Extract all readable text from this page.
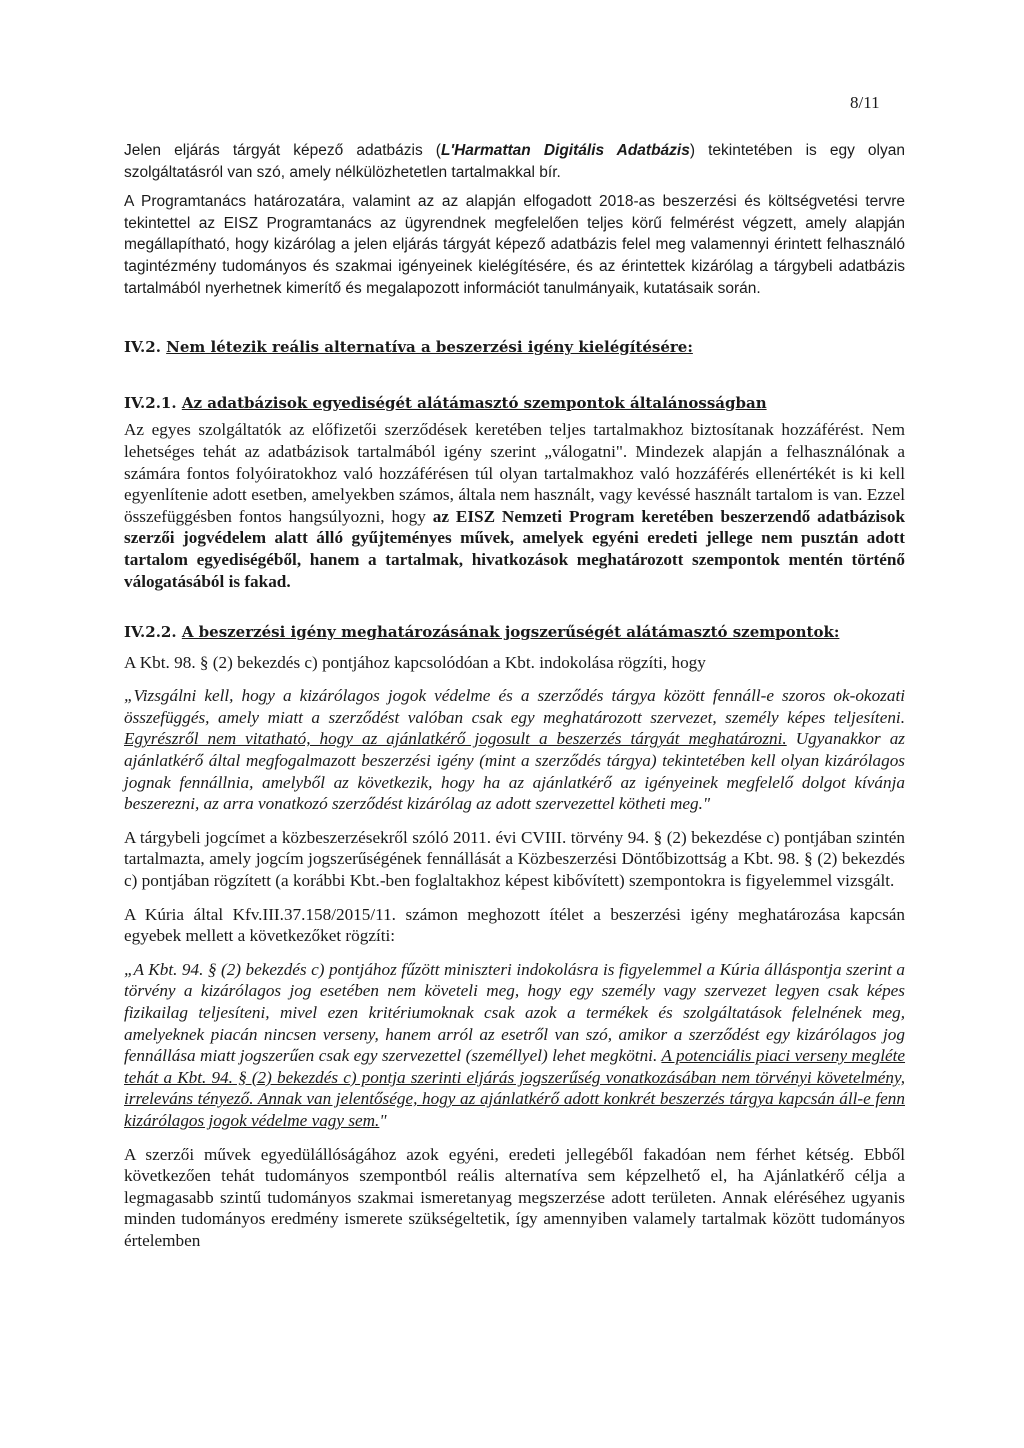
8/11

Jelen eljárás tárgyát képező adatbázis (L'Harmattan Digitális Adatbázis) tekintetében is egy olyan szolgáltatásról van szó, amely nélkülözhetetlen tartalmakkal bír.

A Programtanács határozatára, valamint az az alapján elfogadott 2018-as beszerzési és költségvetési tervre tekintettel az EISZ Programtanács az ügyrendnek megfelelően teljes körű felmérést végzett, amely alapján megállapítható, hogy kizárólag a jelen eljárás tárgyát képező adatbázis felel meg valamennyi érintett felhasználó tagintézmény tudományos és szakmai igényeinek kielégítésére, és az érintettek kizárólag a tárgybeli adatbázis tartalmából nyerhetnek kimerítő és megalapozott információt tanulmányaik, kutatásaik során.

IV.2. Nem létezik reális alternatíva a beszerzési igény kielégítésére:

IV.2.1. Az adatbázisok egyediségét alátámasztó szempontok általánosságban

Az egyes szolgáltatók az előfizetői szerződések keretében teljes tartalmakhoz biztosítanak hozzáférést. Nem lehetséges tehát az adatbázisok tartalmából igény szerint „válogatni". Mindezek alapján a felhasználónak a számára fontos folyóiratokhoz való hozzáférésen túl olyan tartalmakhoz való hozzáférés ellenértékét is ki kell egyenlítenie adott esetben, amelyekben számos, általa nem használt, vagy kevéssé használt tartalom is van. Ezzel összefüggésben fontos hangsúlyozni, hogy az EISZ Nemzeti Program keretében beszerzendő adatbázisok szerzői jogvédelem alatt álló gyűjteményes művek, amelyek egyéni eredeti jellege nem pusztán adott tartalom egyediségéből, hanem a tartalmak, hivatkozások meghatározott szempontok mentén történő válogatásából is fakad.

IV.2.2. A beszerzési igény meghatározásának jogszerűségét alátámasztó szempontok:

A Kbt. 98. § (2) bekezdés c) pontjához kapcsolódóan a Kbt. indokolása rögzíti, hogy

„Vizsgálni kell, hogy a kizárólagos jogok védelme és a szerződés tárgya között fennáll-e szoros ok-okozati összefüggés, amely miatt a szerződést valóban csak egy meghatározott szervezet, személy képes teljesíteni. Egyrészről nem vitatható, hogy az ajánlatkérő jogosult a beszerzés tárgyát meghatározni. Ugyanakkor az ajánlatkérő által megfogalmazott beszerzési igény (mint a szerződés tárgya) tekintetében kell olyan kizárólagos jognak fennállnia, amelyből az következik, hogy ha az ajánlatkérő az igényeinek megfelelő dolgot kívánja beszerezni, az arra vonatkozó szerződést kizárólag az adott szervezettel kötheti meg."

A tárgybeli jogcímet a közbeszerzésekről szóló 2011. évi CVIII. törvény 94. § (2) bekezdése c) pontjában szintén tartalmazta, amely jogcím jogszerűségének fennállását a Közbeszerzési Döntőbizottság a Kbt. 98. § (2) bekezdés c) pontjában rögzített (a korábbi Kbt.-ben foglaltakhoz képest kibővített) szempontokra is figyelemmel vizsgált.

A Kúria által Kfv.III.37.158/2015/11. számon meghozott ítélet a beszerzési igény meghatározása kapcsán egyebek mellett a következőket rögzíti:

„A Kbt. 94. § (2) bekezdés c) pontjához fűzött miniszteri indokolásra is figyelemmel a Kúria álláspontja szerint a törvény a kizárólagos jog esetében nem követeli meg, hogy egy személy vagy szervezet legyen csak képes fizikailag teljesíteni, mivel ezen kritériumoknak csak azok a termékek és szolgáltatások felelnének meg, amelyeknek piacán nincsen verseny, hanem arról az esetről van szó, amikor a szerződést egy kizárólagos jog fennállása miatt jogszerűen csak egy szervezettel (személlyel) lehet megkötni. A potenciális piaci verseny megléte tehát a Kbt. 94. § (2) bekezdés c) pontja szerinti eljárás jogszerűség vonatkozásában nem törvényi követelmény, irreleváns tényező. Annak van jelentősége, hogy az ajánlatkérő adott konkrét beszerzés tárgya kapcsán áll-e fenn kizárólagos jogok védelme vagy sem."

A szerzői művek egyedülállóságához azok egyéni, eredeti jellegéből fakadóan nem férhet kétség. Ebből következően tehát tudományos szempontból reális alternatíva sem képzelhető el, ha Ajánlatkérő célja a legmagasabb szintű tudományos szakmai ismeretanyag megszerzése adott területen. Annak eléréséhez ugyanis minden tudományos eredmény ismerete szükségeltetik, így amennyiben valamely tartalmak között tudományos értelemben
